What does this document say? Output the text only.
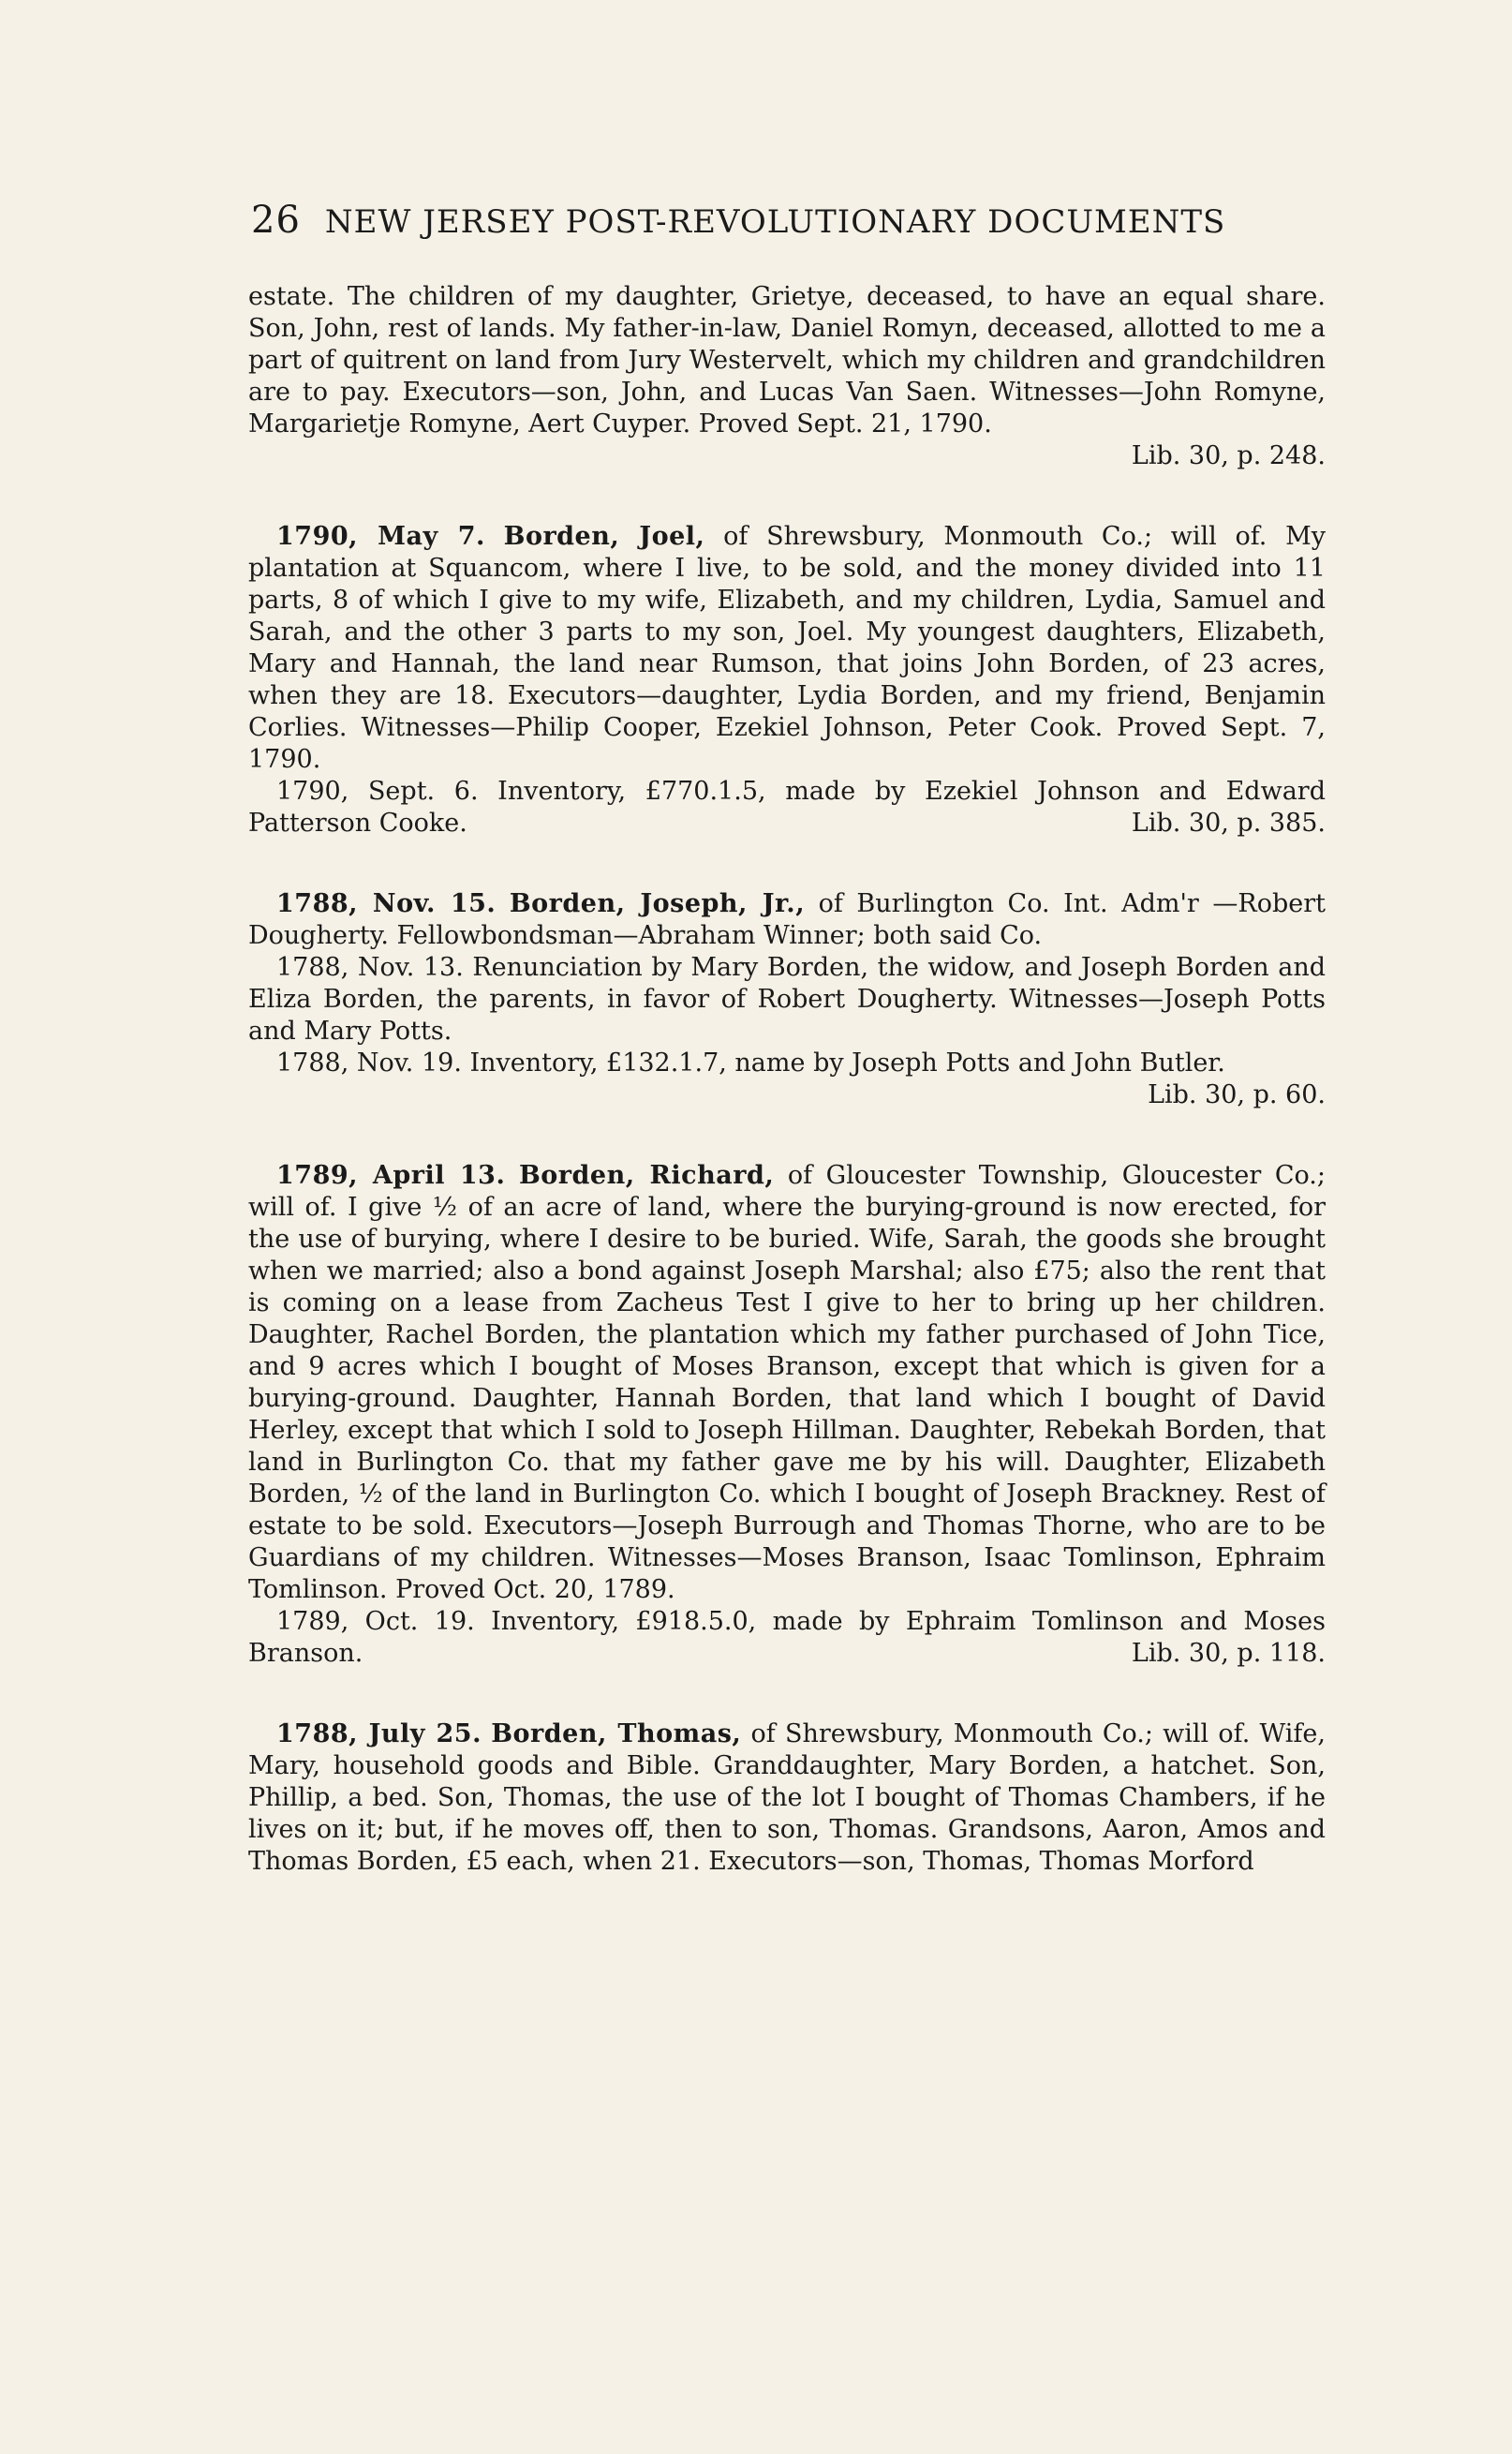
26 NEW JERSEY POST-REVOLUTIONARY DOCUMENTS

estate. The children of my daughter, Grietye, deceased, to have an equal share. Son, John, rest of lands. My father-in-law, Daniel Romyn, deceased, allotted to me a part of quitrent on land from Jury Westervelt, which my children and grandchildren are to pay. Executors—son, John, and Lucas Van Saen. Witnesses—John Romyne, Margarietje Romyne, Aert Cuyper. Proved Sept. 21, 1790.

Lib. 30, p. 248.

1790, May 7. Borden, Joel, of Shrewsbury, Monmouth Co.; will of. My plantation at Squancom, where I live, to be sold, and the money divided into 11 parts, 8 of which I give to my wife, Elizabeth, and my children, Lydia, Samuel and Sarah, and the other 3 parts to my son, Joel. My youngest daughters, Elizabeth, Mary and Hannah, the land near Rumson, that joins John Borden, of 23 acres, when they are 18. Executors—daughter, Lydia Borden, and my friend, Benjamin Corlies. Witnesses—Philip Cooper, Ezekiel Johnson, Peter Cook. Proved Sept. 7, 1790.

1790, Sept. 6. Inventory, £770.1.5, made by Ezekiel Johnson and Edward Patterson Cooke.	Lib. 30, p. 385.

1788, Nov. 15. Borden, Joseph, Jr., of Burlington Co. Int. Adm'r —Robert Dougherty. Fellowbondsman—Abraham Winner; both said Co.

1788, Nov. 13. Renunciation by Mary Borden, the widow, and Joseph Borden and Eliza Borden, the parents, in favor of Robert Dougherty. Witnesses—Joseph Potts and Mary Potts.

1788, Nov. 19. Inventory, £132.1.7, name by Joseph Potts and John Butler.
Lib. 30, p. 60.

1789, April 13. Borden, Richard, of Gloucester Township, Gloucester Co.; will of. I give ½ of an acre of land, where the burying-ground is now erected, for the use of burying, where I desire to be buried. Wife, Sarah, the goods she brought when we married; also a bond against Joseph Marshal; also £75; also the rent that is coming on a lease from Zacheus Test I give to her to bring up her children. Daughter, Rachel Borden, the plantation which my father purchased of John Tice, and 9 acres which I bought of Moses Branson, except that which is given for a burying-ground. Daughter, Hannah Borden, that land which I bought of David Herley, except that which I sold to Joseph Hillman. Daughter, Rebekah Borden, that land in Burlington Co. that my father gave me by his will. Daughter, Elizabeth Borden, ½ of the land in Burlington Co. which I bought of Joseph Brackney. Rest of estate to be sold. Executors—Joseph Burrough and Thomas Thorne, who are to be Guardians of my children. Witnesses—Moses Branson, Isaac Tomlinson, Ephraim Tomlinson. Proved Oct. 20, 1789.

1789, Oct. 19. Inventory, £918.5.0, made by Ephraim Tomlinson and Moses Branson.	Lib. 30, p. 118.

1788, July 25. Borden, Thomas, of Shrewsbury, Monmouth Co.; will of. Wife, Mary, household goods and Bible. Granddaughter, Mary Borden, a hatchet. Son, Phillip, a bed. Son, Thomas, the use of the lot I bought of Thomas Chambers, if he lives on it; but, if he moves off, then to son, Thomas. Grandsons, Aaron, Amos and Thomas Borden, £5 each, when 21. Executors—son, Thomas, Thomas Morford
